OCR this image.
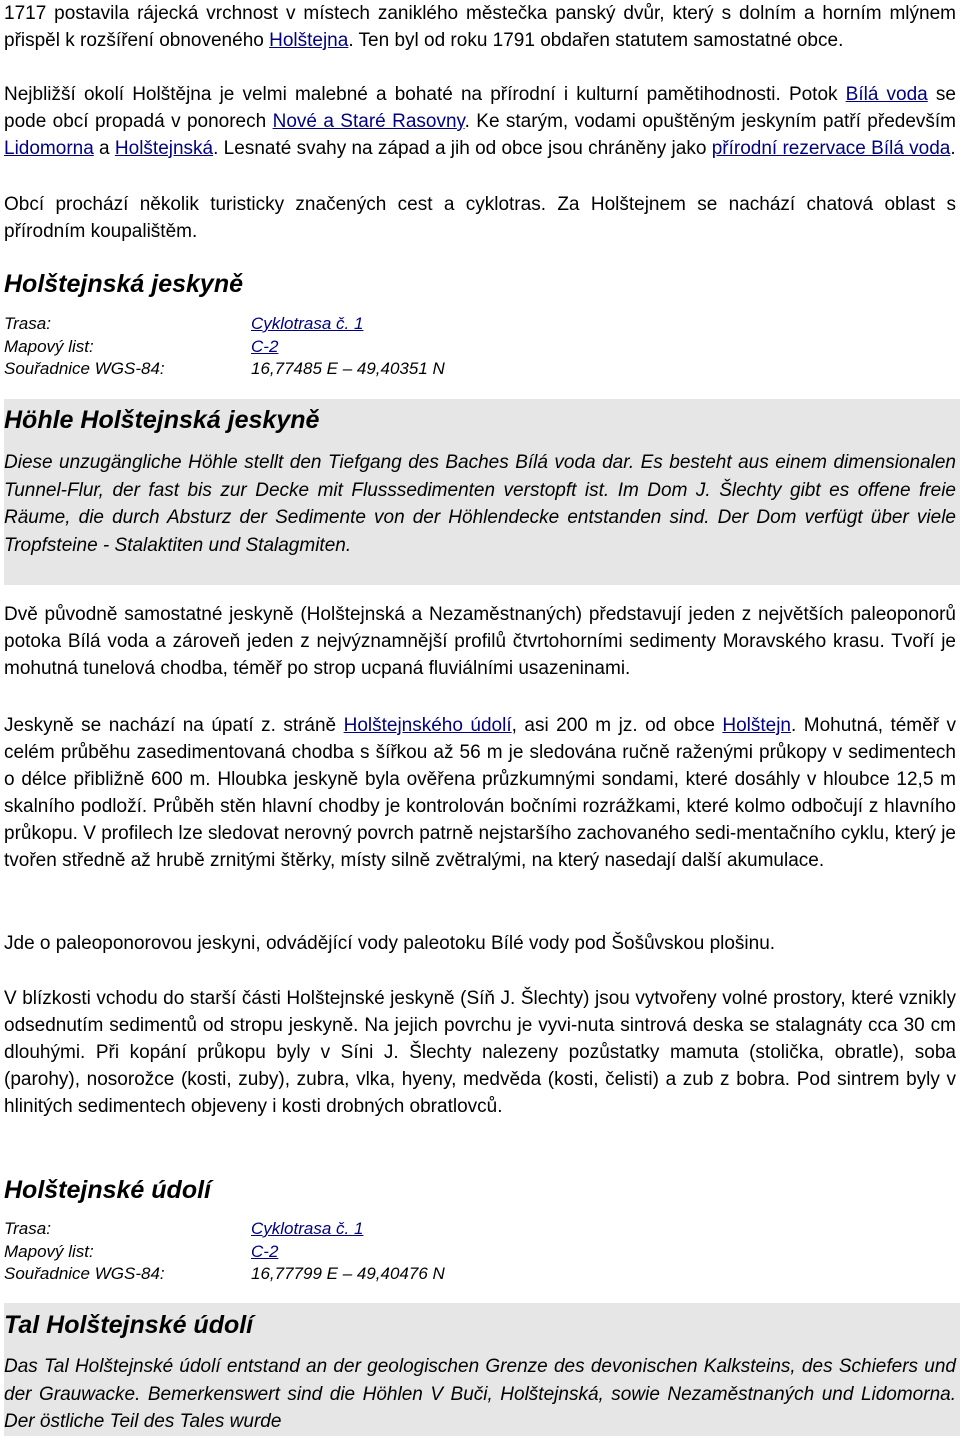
1717 postavila rájecká vrchnost v místech zaniklého městečka panský dvůr, který s dolním a horním mlýnem přispěl k rozšíření obnoveného Holštejna. Ten byl od roku 1791 obdařen statutem samostatné obce.

Nejbližší okolí Holštějna je velmi malebné a bohaté na přírodní i kulturní pamětihodnosti. Potok Bílá voda se pode obcí propadá v ponorech Nové a Staré Rasovny. Ke starým, vodami opuštěným jeskyním patří především Lidomorna a Holštejnská. Lesnaté svahy na západ a jih od obce jsou chráněny jako přírodní rezervace Bílá voda.

Obcí prochází několik turisticky značených cest a cyklotras. Za Holštejnem se nachází chatová oblast s přírodním koupalištěm.

Holštejnská jeskyně
Trasa:	Cyklotrasa č. 1
Mapový list:	C-2
Souřadnice WGS-84:	16,77485 E – 49,40351 N
Höhle Holštejnská jeskyně

Diese unzugängliche Höhle stellt den Tiefgang des Baches Bílá voda dar. Es besteht aus einem dimensionalen Tunnel-Flur, der fast bis zur Decke mit Flusssedimenten verstopft ist. Im Dom J. Šlechty gibt es offene freie Räume, die durch Absturz der Sedimente von der Höhlendecke entstanden sind. Der Dom verfügt über viele Tropfsteine - Stalaktiten und Stalagmiten.

Dvě původně samostatné jeskyně (Holštejnská a Nezaměstnaných) představují jeden z největších paleoponorů potoka Bílá voda a zároveň jeden z nejvýznamnější profilů čtvrtohorními sedimenty Moravského krasu. Tvoří je mohutná tunelová chodba, téměř po strop ucpaná fluviálními usazeninami.

Jeskyně se nachází na úpatí z. stráně Holštejnského údolí, asi 200 m jz. od obce Holštejn. Mohutná, téměř v celém průběhu zasedimentovaná chodba s šířkou až 56 m je sledována ručně raženými průkopy v sedimentech o délce přibližně 600 m. Hloubka jeskyně byla ověřena průzkumnými sondami, které dosáhly v hloubce 12,5 m skalního podloží. Průběh stěn hlavní chodby je kontrolován bočními rozrážkami, které kolmo odbočují z hlavního průkopu. V profilech lze sledovat nerovný povrch patrně nejstaršího zachovaného sedi-mentačního cyklu, který je tvořen středně až hrubě zrnitými štěrky, místy silně zvětralými, na který nasedají další akumulace.

Jde o paleoponorovou jeskyni, odvádějící vody paleotoku Bílé vody pod Šošůvskou plošinu.

V blízkosti vchodu do starší části Holštejnské jeskyně (Síň J. Šlechty) jsou vytvořeny volné prostory, které vznikly odsednutím sedimentů od stropu jeskyně. Na jejich povrchu je vyvi-nuta sintrová deska se stalagnáty cca 30 cm dlouhými. Při kopání průkopu byly v Síni J. Šlechty nalezeny pozůstatky mamuta (stolička, obratle), soba (parohy), nosorožce (kosti, zuby), zubra, vlka, hyeny, medvěda (kosti, čelisti) a zub z bobra. Pod sintrem byly v hlinitých sedimentech objeveny i kosti drobných obratlovců.

Holštejnské údolí
Trasa:	Cyklotrasa č. 1
Mapový list:	C-2
Souřadnice WGS-84:	16,77799 E – 49,40476 N
Tal Holštejnské údolí

Das Tal Holštejnské údolí entstand an der geologischen Grenze des devonischen Kalksteins, des Schiefers und der Grauwacke. Bemerkenswert sind die Höhlen V Buči, Holštejnská, sowie Nezaměstnaných und Lidomorna. Der östliche Teil des Tales wurde
